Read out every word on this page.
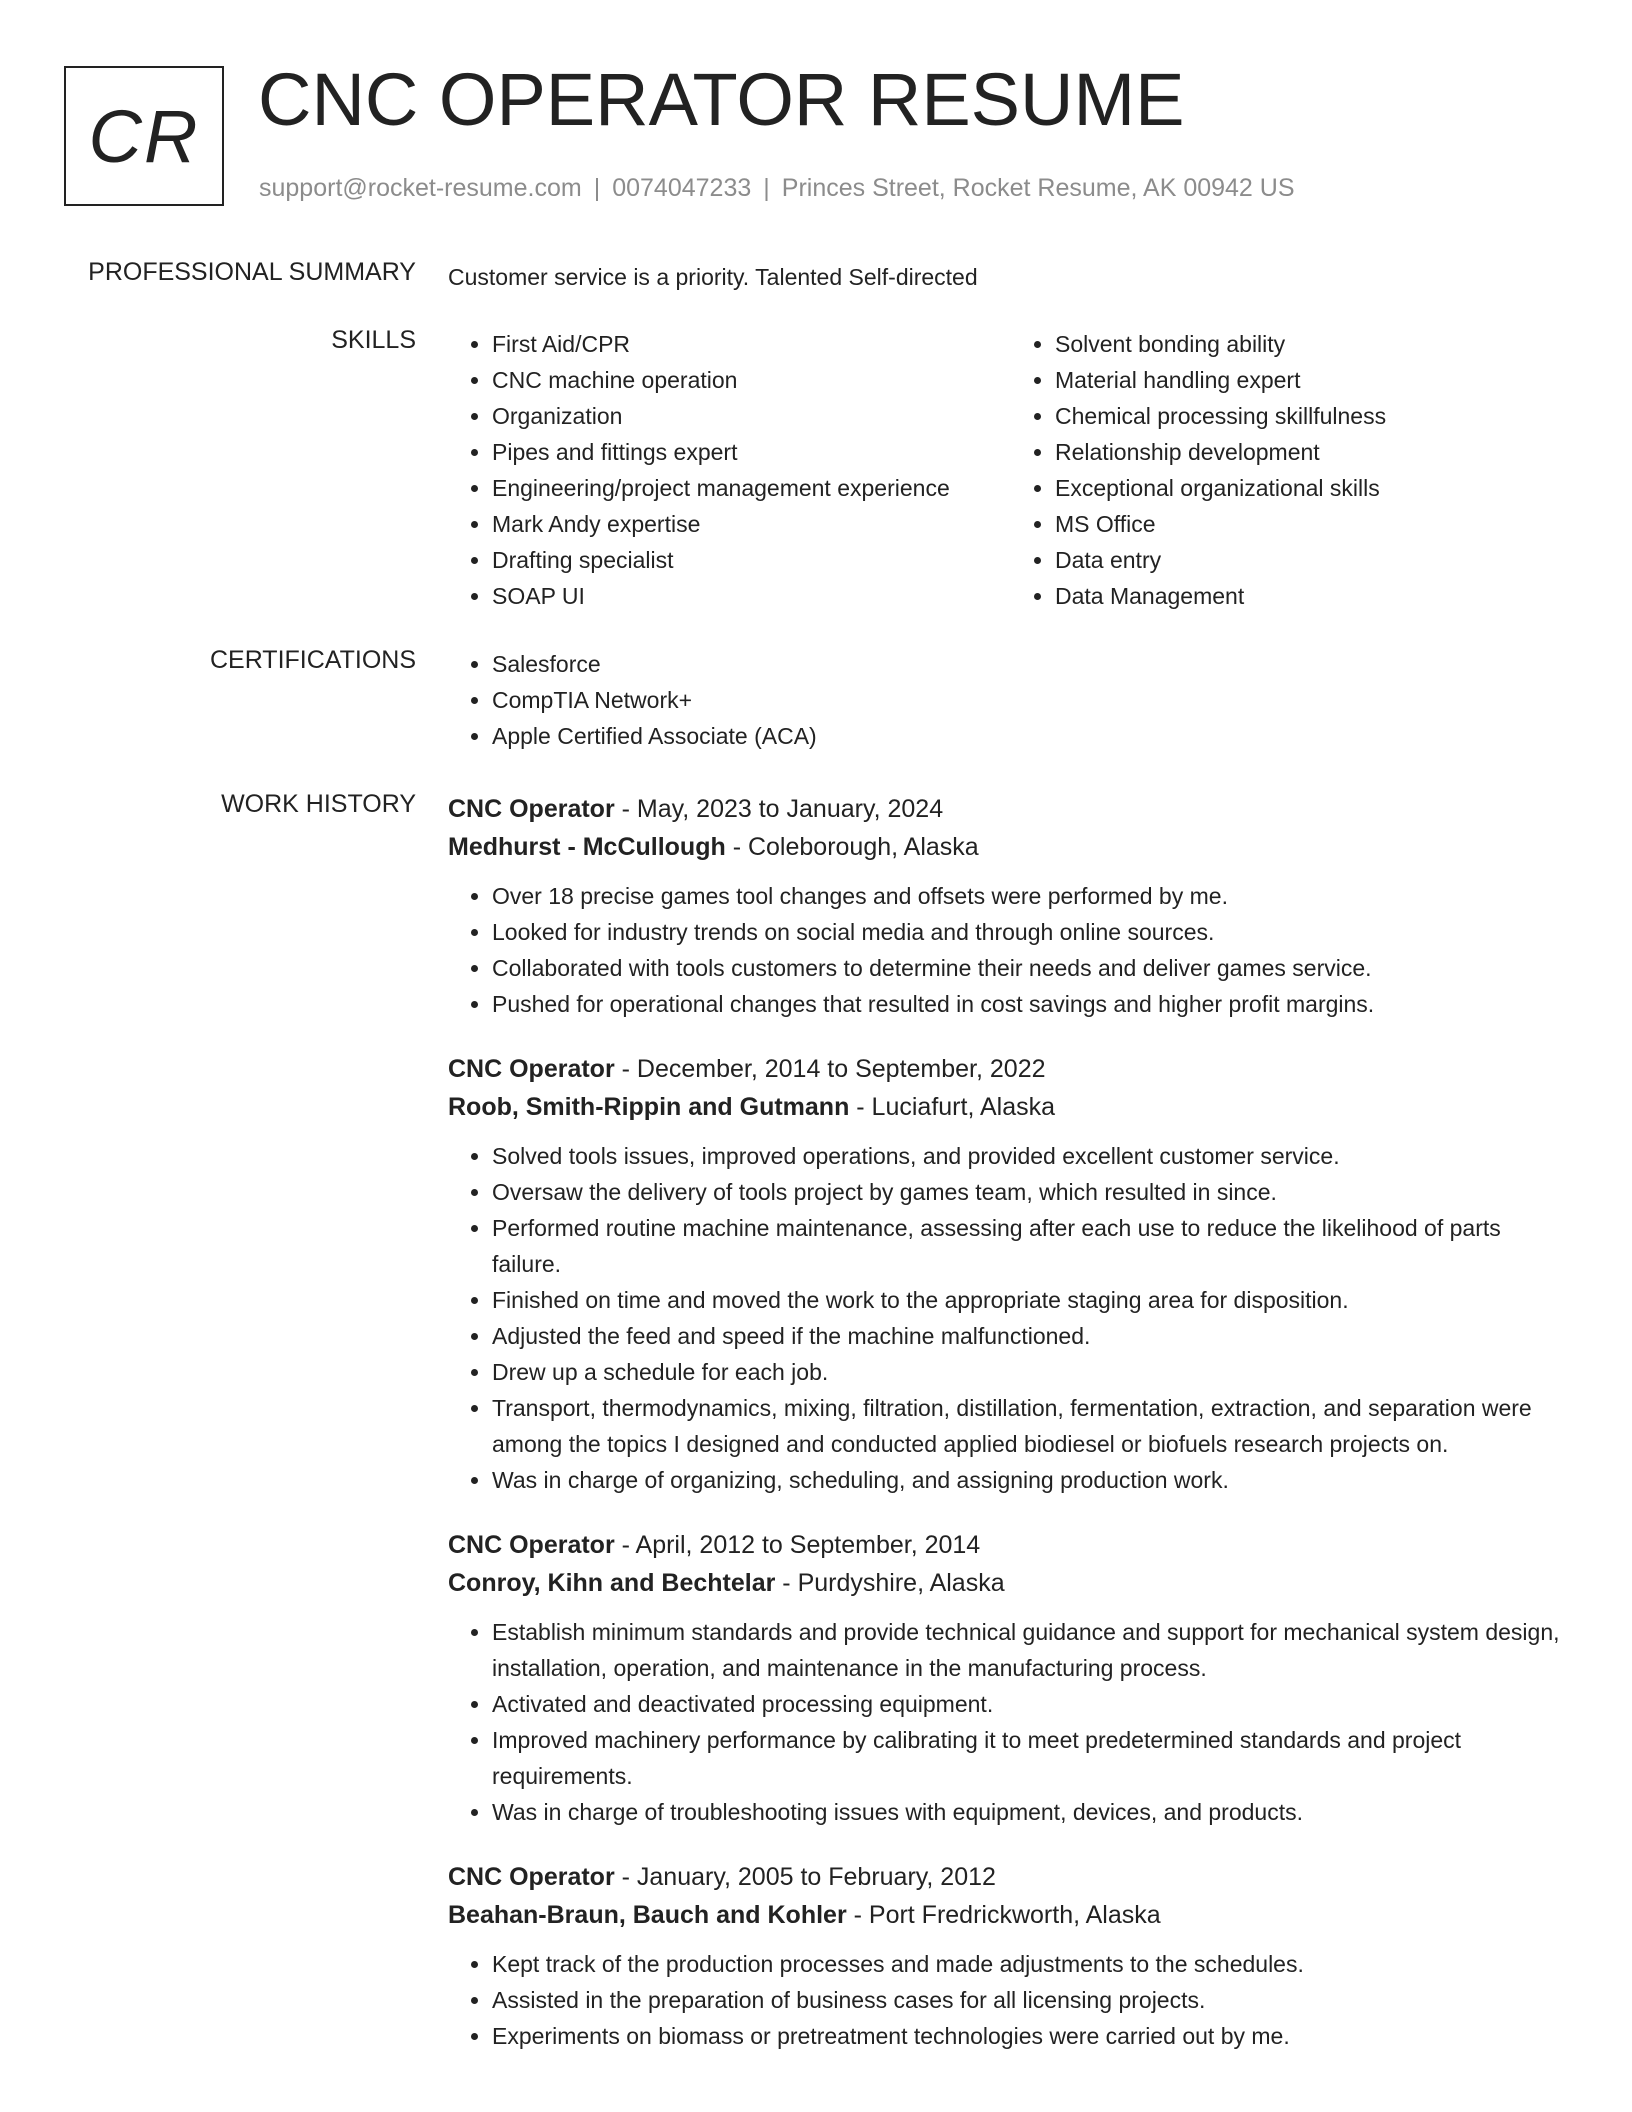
CR CNC OPERATOR RESUME
support@rocket-resume.com | 0074047233 | Princes Street, Rocket Resume, AK 00942 US
PROFESSIONAL SUMMARY Customer service is a priority. Talented Self-directed
SKILLS	• First Aid/CPR
• CNC machine operation
• Organization
• Pipes and fittings expert
• Engineering/project management experience
• Mark Andy expertise
• Drafting specialist
• SOAP UI
• Solvent bonding ability
• Material handling expert
• Chemical processing skillfulness
• Relationship development
• Exceptional organizational skills
• MS Office
• Data entry
• Data Management
CERTIFICATIONS	• Salesforce
• CompTIA Network+
• Apple Certified Associate (ACA)
WORK HISTORY CNC Operator - May, 2023 to January, 2024
Medhurst - McCullough - Coleborough, Alaska
• Over 18 precise games tool changes and offsets were performed by me.
• Looked for industry trends on social media and through online sources.
• Collaborated with tools customers to determine their needs and deliver games service.
• Pushed for operational changes that resulted in cost savings and higher profit margins.
CNC Operator - December, 2014 to September, 2022
Roob, Smith-Rippin and Gutmann - Luciafurt, Alaska
• Solved tools issues, improved operations, and provided excellent customer service.
• Oversaw the delivery of tools project by games team, which resulted in since.
• Performed routine machine maintenance, assessing after each use to reduce the likelihood of parts failure.
• Finished on time and moved the work to the appropriate staging area for disposition.
• Adjusted the feed and speed if the machine malfunctioned.
• Drew up a schedule for each job.
• Transport, thermodynamics, mixing, filtration, distillation, fermentation, extraction, and separation were among the topics I designed and conducted applied biodiesel or biofuels research projects on.
• Was in charge of organizing, scheduling, and assigning production work.
CNC Operator - April, 2012 to September, 2014
Conroy, Kihn and Bechtelar - Purdyshire, Alaska
• Establish minimum standards and provide technical guidance and support for mechanical system design, installation, operation, and maintenance in the manufacturing process.
• Activated and deactivated processing equipment.
• Improved machinery performance by calibrating it to meet predetermined standards and project requirements.
• Was in charge of troubleshooting issues with equipment, devices, and products.
CNC Operator - January, 2005 to February, 2012
Beahan-Braun, Bauch and Kohler - Port Fredrickworth, Alaska
• Kept track of the production processes and made adjustments to the schedules.
• Assisted in the preparation of business cases for all licensing projects.
• Experiments on biomass or pretreatment technologies were carried out by me.
